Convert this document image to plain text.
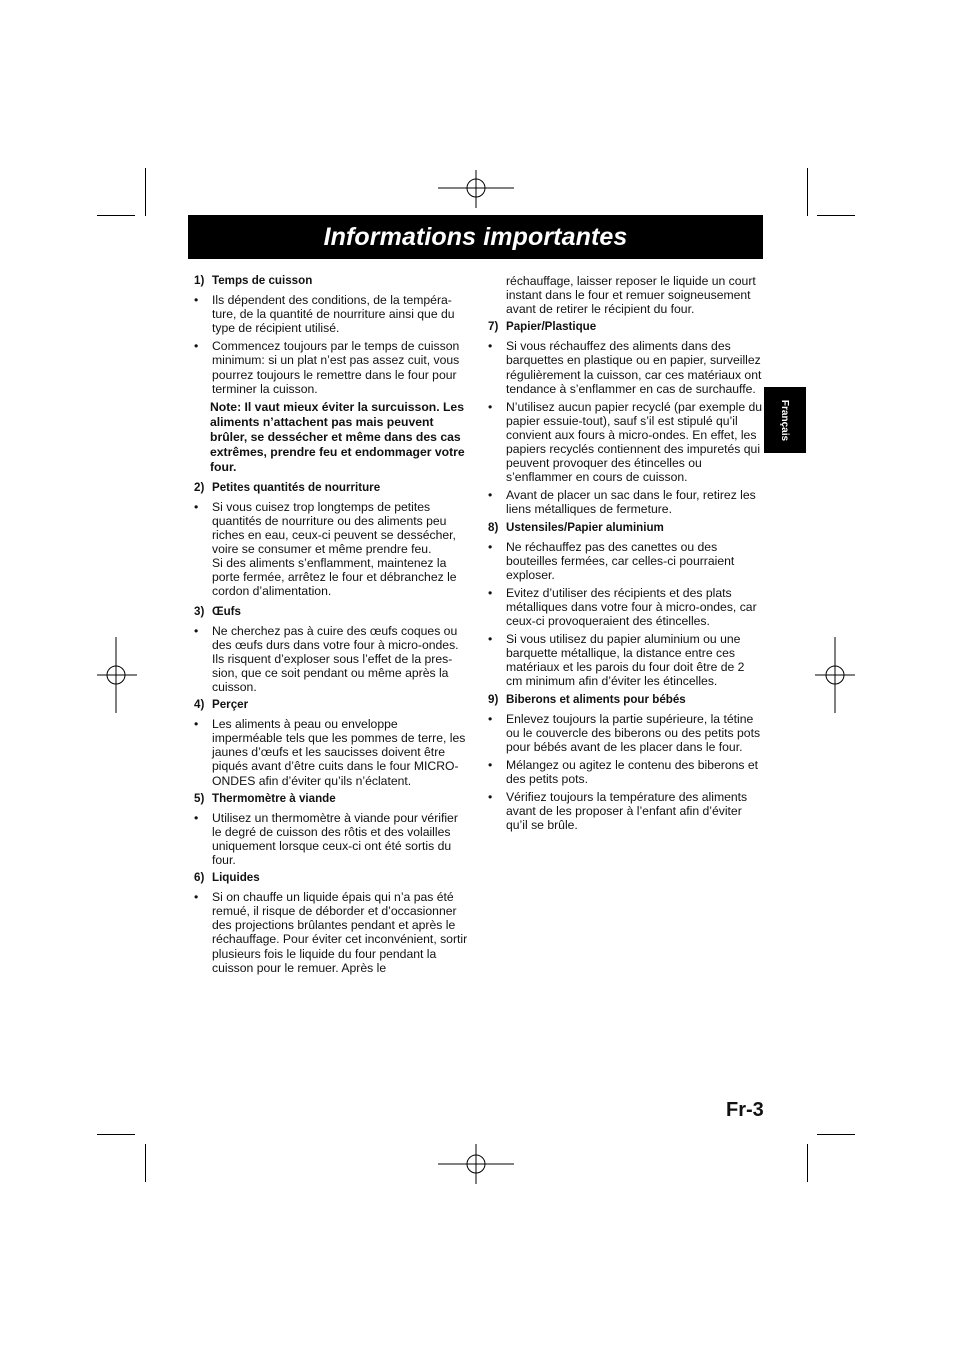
Informations importantes
Français
1) Temps de cuisson
• Ils dépendent des conditions, de la tempéra-ture, de la quantité de nourriture ainsi que du type de récipient utilisé.
• Commencez toujours par le temps de cuisson minimum: si un plat n’est pas assez cuit, vous pourrez toujours le remettre dans le four pour terminer la cuisson.
Note: Il vaut mieux éviter la surcuisson. Les aliments n’attachent pas mais peuvent brûler, se dessécher et même dans des cas extrêmes, prendre feu et endommager votre four.
2) Petites quantités de nourriture
• Si vous cuisez trop longtemps de petites quantités de nourriture ou des aliments peu riches en eau, ceux-ci peuvent se dessécher, voire se consumer et même prendre feu.
Si des aliments s’enflamment, maintenez la porte fermée, arrêtez le four et débranchez le cordon d’alimentation.
3) Œufs
• Ne cherchez pas à cuire des œufs coques ou des œufs durs dans votre four à micro-ondes. Ils risquent d’exploser sous l’effet de la pres-sion, que ce soit pendant ou même après la cuisson.
4) Perçer
• Les aliments à peau ou enveloppe imperméable tels que les pommes de terre, les jaunes d’œufs et les saucisses doivent être piqués avant d’être cuits dans le four MICRO-ONDES afin d’éviter qu’ils n’éclatent.
5) Thermomètre à viande
• Utilisez un thermomètre à viande pour vérifier le degré de cuisson des rôtis et des volailles uniquement lorsque ceux-ci ont été sortis du four.
6) Liquides
• Si on chauffe un liquide épais qui n’a pas été remué, il risque de déborder et d’occasionner des projections brûlantes pendant et après le réchauffage. Pour éviter cet inconvénient, sortir plusieurs fois le liquide du four pendant la cuisson pour le remuer. Après le
réchauffage, laisser reposer le liquide un court instant dans le four et remuer soigneusement avant de retirer le récipient du four.
7) Papier/Plastique
• Si vous réchauffez des aliments dans des barquettes en plastique ou en papier, surveillez régulièrement la cuisson, car ces matériaux ont tendance à s’enflammer en cas de surchauffe.
• N’utilisez aucun papier recyclé (par exemple du papier essuie-tout), sauf s’il est stipulé qu’il convient aux fours à micro-ondes. En effet, les papiers recyclés contiennent des impuretés qui peuvent provoquer des étincelles ou s’enflammer en cours de cuisson.
• Avant de placer un sac dans le four, retirez les liens métalliques de fermeture.
8) Ustensiles/Papier aluminium
• Ne réchauffez pas des canettes ou des bouteilles fermées, car celles-ci pourraient exploser.
• Evitez d’utiliser des récipients et des plats métalliques dans votre four à micro-ondes, car ceux-ci provoqueraient des étincelles.
• Si vous utilisez du papier aluminium ou une barquette métallique, la distance entre ces matériaux et les parois du four doit être de 2 cm minimum afin d’éviter les étincelles.
9) Biberons et aliments pour bébés
• Enlevez toujours la partie supérieure, la tétine ou le couvercle des biberons ou des petits pots pour bébés avant de les placer dans le four.
• Mélangez ou agitez le contenu des biberons et des petits pots.
• Vérifiez toujours la température des aliments avant de les proposer à l’enfant afin d’éviter qu’il se brûle.
Fr-3
